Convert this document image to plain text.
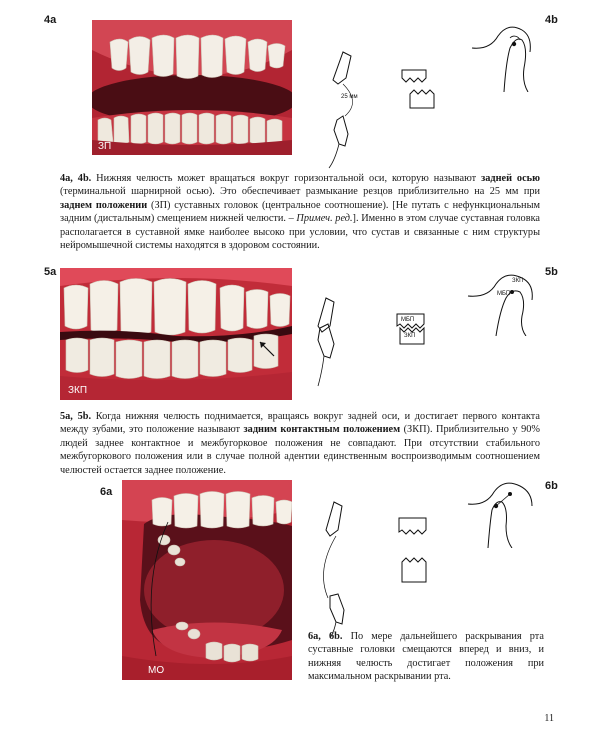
4a
ЗП
25 мм
4b
4a, 4b. Нижняя челюсть может вращаться вокруг горизонтальной оси, которую называют задней осью (терминальной шарнирной осью). Это обеспечивает размыкание резцов приблизительно на 25 мм при заднем положении (ЗП) суставных головок (центральное соотношение). [Не путать с нефункциональным задним (дистальным) смещением нижней челюсти. – Примеч. ред.]. Именно в этом случае суставная головка располагается в суставной ямке наиболее высоко при условии, что сустав и связанные с ним структуры нейромышечной системы находятся в здоровом состоянии.
5a
ЗКП
МБП
ЗКП
5b
ЗКП
МБП
5a, 5b. Когда нижняя челюсть поднимается, вращаясь вокруг задней оси, и достигает первого контакта между зубами, это положение называют задним контактным положением (ЗКП). Приблизительно у 90% людей заднее контактное и межбугорковое положения не совпадают. При отсутствии стабильного межбугоркового положения или в случае полной адентии единственным воспроизводимым соотношением челюстей остается заднее положение.
6a
МО
6b
6a, 6b. По мере дальнейшего раскрывания рта суставные головки смещаются вперед и вниз, и нижняя челюсть достигает положения при максимальном раскрывании рта.
11
